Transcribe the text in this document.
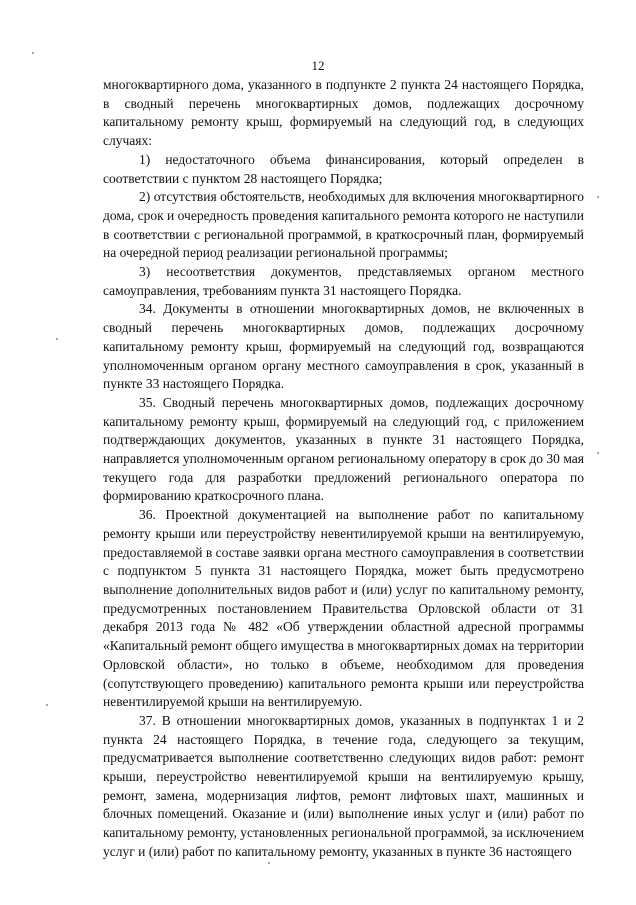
12

многоквартирного дома, указанного в подпункте 2 пункта 24 настоящего Порядка, в сводный перечень многоквартирных домов, подлежащих досрочному капитальному ремонту крыш, формируемый на следующий год, в следующих случаях:

1) недостаточного объема финансирования, который определен в соответствии с пунктом 28 настоящего Порядка;

2) отсутствия обстоятельств, необходимых для включения многоквартирного дома, срок и очередность проведения капитального ремонта которого не наступили в соответствии с региональной программой, в краткосрочный план, формируемый на очередной период реализации региональной программы;

3) несоответствия документов, представляемых органом местного самоуправления, требованиям пункта 31 настоящего Порядка.

34. Документы в отношении многоквартирных домов, не включенных в сводный перечень многоквартирных домов, подлежащих досрочному капитальному ремонту крыш, формируемый на следующий год, возвращаются уполномоченным органом органу местного самоуправления в срок, указанный в пункте 33 настоящего Порядка.

35. Сводный перечень многоквартирных домов, подлежащих досрочному капитальному ремонту крыш, формируемый на следующий год, с приложением подтверждающих документов, указанных в пункте 31 настоящего Порядка, направляется уполномоченным органом региональному оператору в срок до 30 мая текущего года для разработки предложений регионального оператора по формированию краткосрочного плана.

36. Проектной документацией на выполнение работ по капитальному ремонту крыши или переустройству невентилируемой крыши на вентилируемую, предоставляемой в составе заявки органа местного самоуправления в соответствии с подпунктом 5 пункта 31 настоящего Порядка, может быть предусмотрено выполнение дополнительных видов работ и (или) услуг по капитальному ремонту, предусмотренных постановлением Правительства Орловской области от 31 декабря 2013 года № 482 «Об утверждении областной адресной программы «Капитальный ремонт общего имущества в многоквартирных домах на территории Орловской области», но только в объеме, необходимом для проведения (сопутствующего проведению) капитального ремонта крыши или переустройства невентилируемой крыши на вентилируемую.

37. В отношении многоквартирных домов, указанных в подпунктах 1 и 2 пункта 24 настоящего Порядка, в течение года, следующего за текущим, предусматривается выполнение соответственно следующих видов работ: ремонт крыши, переустройство невентилируемой крыши на вентилируемую крышу, ремонт, замена, модернизация лифтов, ремонт лифтовых шахт, машинных и блочных помещений. Оказание и (или) выполнение иных услуг и (или) работ по капитальному ремонту, установленных региональной программой, за исключением услуг и (или) работ по капитальному ремонту, указанных в пункте 36 настоящего
